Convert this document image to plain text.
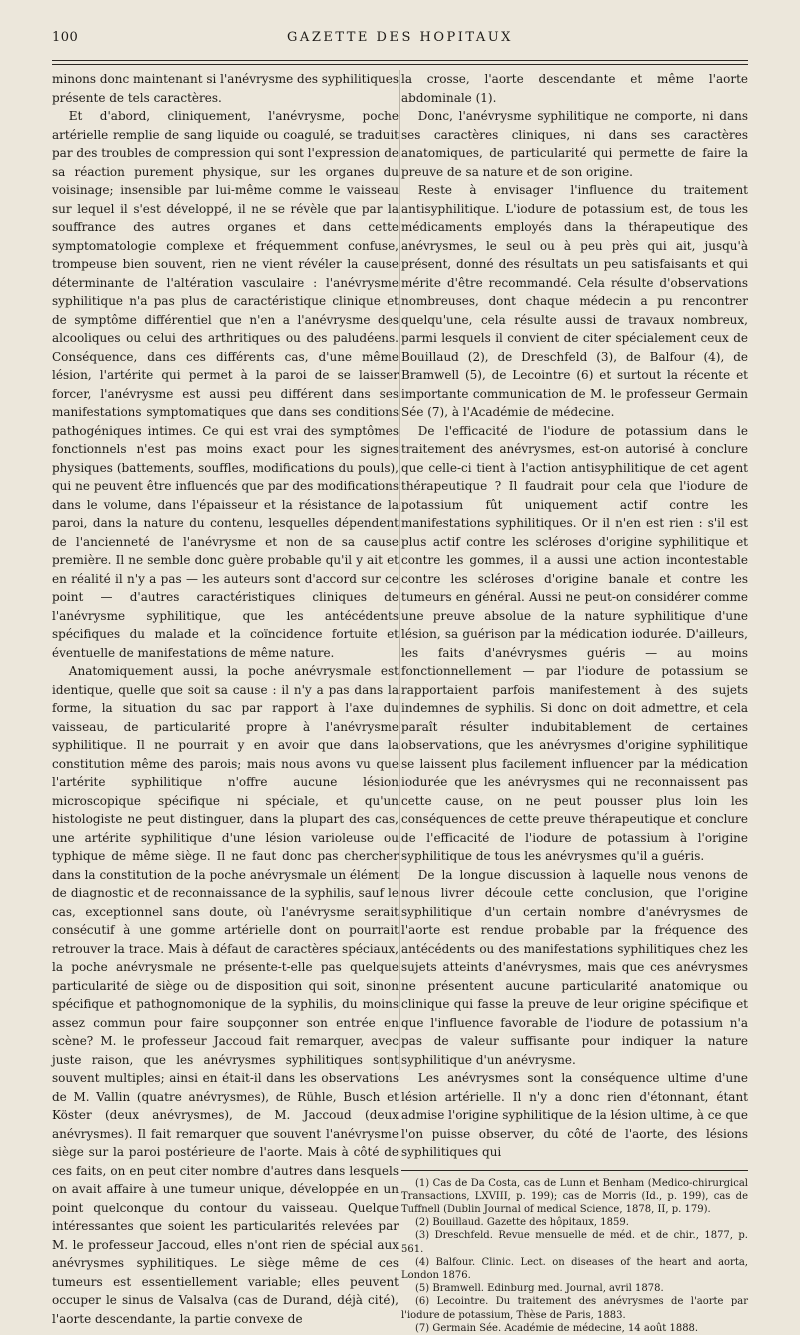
100	GAZETTE DES HOPITAUX

minons donc maintenant si l'anévrysme des syphilitiques présente de tels caractères.

Et d'abord, cliniquement, l'anévrysme, poche artérielle remplie de sang liquide ou coagulé, se traduit par des troubles de compression qui sont l'expression de sa réaction purement physique, sur les organes du voisinage; insensible par lui-même comme le vaisseau sur lequel il s'est développé, il ne se révèle que par la souffrance des autres organes et dans cette symptomatologie complexe et fréquemment confuse, trompeuse bien souvent, rien ne vient révéler la cause déterminante de l'altération vasculaire : l'anévrysme syphilitique n'a pas plus de caractéristique clinique et de symptôme différentiel que n'en a l'anévrysme des alcooliques ou celui des arthritiques ou des paludéens. Conséquence, dans ces différents cas, d'une même lésion, l'artérite qui permet à la paroi de se laisser forcer, l'anévrysme est aussi peu différent dans ses manifestations symptomatiques que dans ses conditions pathogéniques intimes. Ce qui est vrai des symptômes fonctionnels n'est pas moins exact pour les signes physiques (battements, souffles, modifications du pouls), qui ne peuvent être influencés que par des modifications dans le volume, dans l'épaisseur et la résistance de la paroi, dans la nature du contenu, lesquelles dépendent de l'ancienneté de l'anévrysme et non de sa cause première. Il ne semble donc guère probable qu'il y ait et en réalité il n'y a pas — les auteurs sont d'accord sur ce point — d'autres caractéristiques cliniques de l'anévrysme syphilitique, que les antécédents spécifiques du malade et la coïncidence fortuite et éventuelle de manifestations de même nature.

Anatomiquement aussi, la poche anévrysmale est identique, quelle que soit sa cause : il n'y a pas dans la forme, la situation du sac par rapport à l'axe du vaisseau, de particularité propre à l'anévrysme syphilitique. Il ne pourrait y en avoir que dans la constitution même des parois; mais nous avons vu que l'artérite syphilitique n'offre aucune lésion microscopique spécifique ni spéciale, et qu'un histologiste ne peut distinguer, dans la plupart des cas, une artérite syphilitique d'une lésion varioleuse ou typhique de même siège. Il ne faut donc pas chercher dans la constitution de la poche anévrysmale un élément de diagnostic et de reconnaissance de la syphilis, sauf le cas, exceptionnel sans doute, où l'anévrysme serait consécutif à une gomme artérielle dont on pourrait retrouver la trace. Mais à défaut de caractères spéciaux, la poche anévrysmale ne présente-t-elle pas quelque particularité de siège ou de disposition qui soit, sinon spécifique et pathognomonique de la syphilis, du moins assez commun pour faire soupçonner son entrée en scène? M. le professeur Jaccoud fait remarquer, avec juste raison, que les anévrysmes syphilitiques sont souvent multiples; ainsi en était-il dans les observations de M. Vallin (quatre anévrysmes), de Rühle, Busch et Köster (deux anévrysmes), de M. Jaccoud (deux anévrysmes). Il fait remarquer que souvent l'anévrysme siège sur la paroi postérieure de l'aorte. Mais à côté de ces faits, on en peut citer nombre d'autres dans lesquels on avait affaire à une tumeur unique, développée en un point quelconque du contour du vaisseau. Quelque intéressantes que soient les particularités relevées par M. le professeur Jaccoud, elles n'ont rien de spécial aux anévrysmes syphilitiques. Le siège même de ces tumeurs est essentiellement variable; elles peuvent occuper le sinus de Valsalva (cas de Durand, déjà cité), l'aorte descendante, la partie convexe de

la crosse, l'aorte descendante et même l'aorte abdominale (1).

Donc, l'anévrysme syphilitique ne comporte, ni dans ses caractères cliniques, ni dans ses caractères anatomiques, de particularité qui permette de faire la preuve de sa nature et de son origine.

Reste à envisager l'influence du traitement antisyphilitique. L'iodure de potassium est, de tous les médicaments employés dans la thérapeutique des anévrysmes, le seul ou à peu près qui ait, jusqu'à présent, donné des résultats un peu satisfaisants et qui mérite d'être recommandé. Cela résulte d'observations nombreuses, dont chaque médecin a pu rencontrer quelqu'une, cela résulte aussi de travaux nombreux, parmi lesquels il convient de citer spécialement ceux de Bouillaud (2), de Dreschfeld (3), de Balfour (4), de Bramwell (5), de Lecointre (6) et surtout la récente et importante communication de M. le professeur Germain Sée (7), à l'Académie de médecine.

De l'efficacité de l'iodure de potassium dans le traitement des anévrysmes, est-on autorisé à conclure que celle-ci tient à l'action antisyphilitique de cet agent thérapeutique ? Il faudrait pour cela que l'iodure de potassium fût uniquement actif contre les manifestations syphilitiques. Or il n'en est rien : s'il est plus actif contre les scléroses d'origine syphilitique et contre les gommes, il a aussi une action incontestable contre les scléroses d'origine banale et contre les tumeurs en général. Aussi ne peut-on considérer comme une preuve absolue de la nature syphilitique d'une lésion, sa guérison par la médication iodurée. D'ailleurs, les faits d'anévrysmes guéris — au moins fonctionnellement — par l'iodure de potassium se rapportaient parfois manifestement à des sujets indemnes de syphilis. Si donc on doit admettre, et cela paraît résulter indubitablement de certaines observations, que les anévrysmes d'origine syphilitique se laissent plus facilement influencer par la médication iodurée que les anévrysmes qui ne reconnaissent pas cette cause, on ne peut pousser plus loin les conséquences de cette preuve thérapeutique et conclure de l'efficacité de l'iodure de potassium à l'origine syphilitique de tous les anévrysmes qu'il a guéris.

De la longue discussion à laquelle nous venons de nous livrer découle cette conclusion, que l'origine syphilitique d'un certain nombre d'anévrysmes de l'aorte est rendue probable par la fréquence des antécédents ou des manifestations syphilitiques chez les sujets atteints d'anévrysmes, mais que ces anévrysmes ne présentent aucune particularité anatomique ou clinique qui fasse la preuve de leur origine spécifique et que l'influence favorable de l'iodure de potassium n'a pas de valeur suffisante pour indiquer la nature syphilitique d'un anévrysme.

Les anévrysmes sont la conséquence ultime d'une lésion artérielle. Il n'y a donc rien d'étonnant, étant admise l'origine syphilitique de la lésion ultime, à ce que l'on puisse observer, du côté de l'aorte, des lésions syphilitiques qui

(1) Cas de Da Costa, cas de Lunn et Benham (Medico-chirurgical Transactions, LXVIII, p. 199); cas de Morris (Id., p. 199), cas de Tuffnell (Dublin Journal of medical Science, 1878, II, p. 179).

(2) Bouillaud. Gazette des hôpitaux, 1859.

(3) Dreschfeld. Revue mensuelle de méd. et de chir., 1877, p. 561.

(4) Balfour. Clinic. Lect. on diseases of the heart and aorta, London 1876.

(5) Bramwell. Edinburg med. Journal, avril 1878.

(6) Lecointre. Du traitement des anévrysmes de l'aorte par l'iodure de potassium, Thèse de Paris, 1883.

(7) Germain Sée. Académie de médecine, 14 août 1888.
